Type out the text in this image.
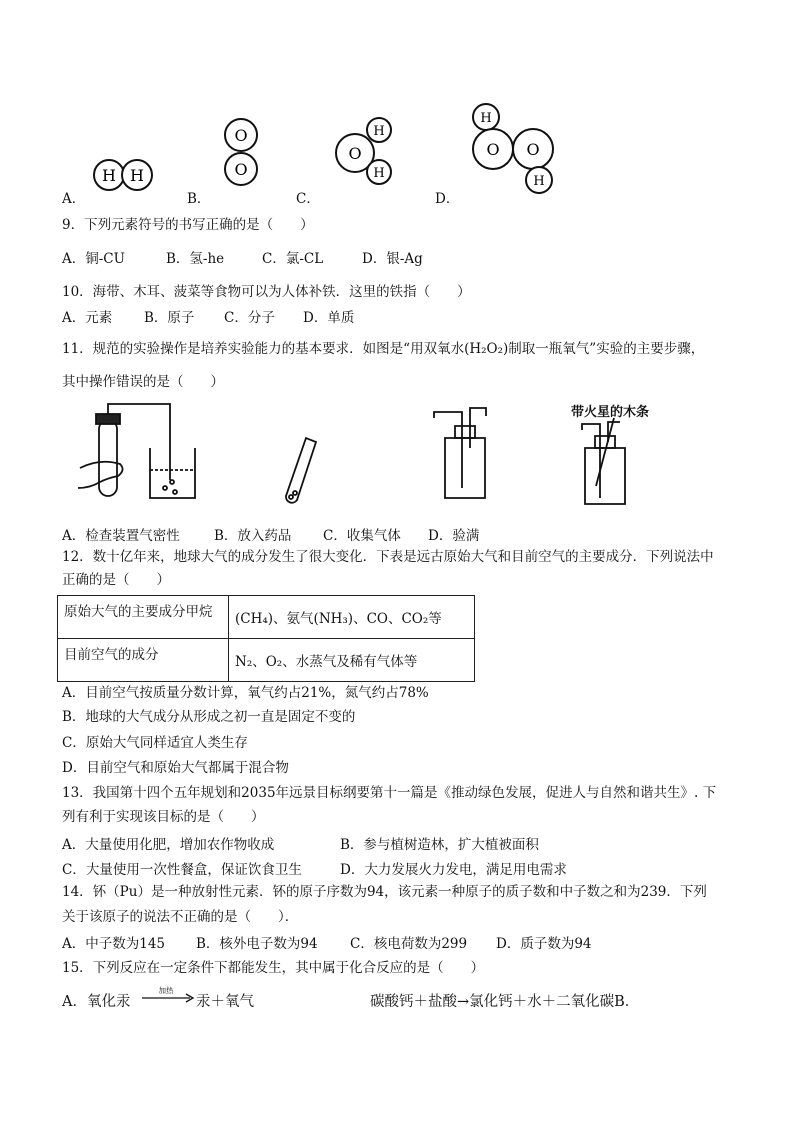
H H
O
O
O
H
H
H
O O
H
A．	B．	C．	D．
9．下列元素符号的书写正确的是（　　）
A．铜-CU	B．氢-he	C．氯-CL	D．银-Ag
10．海带、木耳、菠菜等食物可以为人体补铁．这里的铁指（　　）
A．元素 B．原子 C．分子 D．单质
11．规范的实验操作是培养实验能力的基本要求．如图是“用双氧水(H₂O₂)制取一瓶氧气”实验的主要步骤，
其中操作错误的是（　　）
带火星的木条
A．检查装置气密性	B．放入药品 C．收集气体 D．验满
12．数十亿年来，地球大气的成分发生了很大变化．下表是远古原始大气和目前空气的主要成分．下列说法中
正确的是（　　）
原始大气的主要成分甲烷	(CH₄)、氨气(NH₃)、CO、CO₂等
目前空气的成分	N₂、O₂、水蒸气及稀有气体等
A．目前空气按质量分数计算，氧气约占21%，氮气约占78%
B．地球的大气成分从形成之初一直是固定不变的
C．原始大气同样适宜人类生存
D．目前空气和原始大气都属于混合物
13．我国第十四个五年规划和2035年远景目标纲要第十一篇是《推动绿色发展，促进人与自然和谐共生》. 下
列有利于实现该目标的是（　　）
A．大量使用化肥，增加农作物收成	B．参与植树造林，扩大植被面积
C．大量使用一次性餐盒，保证饮食卫生	D．大力发展火力发电，满足用电需求
14．钚（Pu）是一种放射性元素．钚的原子序数为94，该元素一种原子的质子数和中子数之和为239．下列
关于该原子的说法不正确的是（　　）．
A．中子数为145 B．核外电子数为94 C．核电荷数为299 D．质子数为94
15．下列反应在一定条件下都能发生，其中属于化合反应的是（　　）
A．氧化汞
加热
汞＋氧气	碳酸钙＋盐酸→氯化钙＋水＋二氧化碳B．
